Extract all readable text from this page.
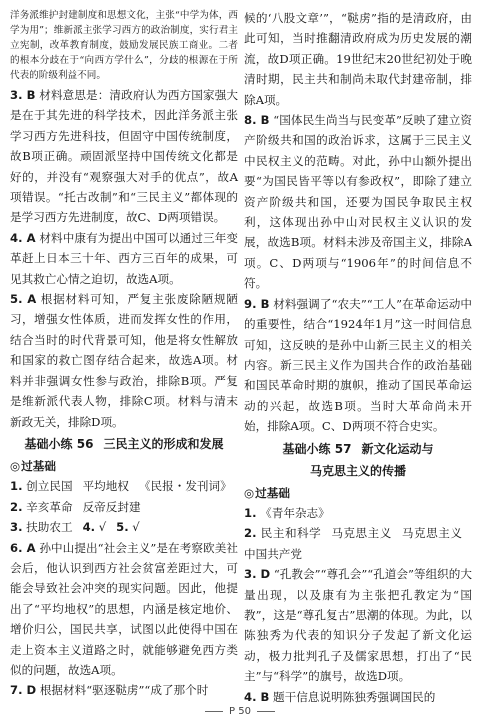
洋务派维护封建制度和思想文化，主张“中学为体，西学为用”；维新派主张学习西方的政治制度，实行君主立宪制，改革教育制度，鼓励发展民族工商业。二者的根本分歧在于“向西方学什么”，分歧的根源在于所代表的阶级利益不同。

3. B 材料意思是：清政府认为西方国家强大是在于其先进的科学技术，因此洋务派主张学习西方先进科技，但固守中国传统制度，故B项正确。顽固派坚持中国传统文化都是好的，并没有“观察强大对手的优点”，故A项错误。“托古改制”和“三民主义”都体现的是学习西方先进制度，故C、D两项错误。

4. A 材料中康有为提出中国可以通过三年变革赶上日本三十年、西方三百年的成果，可见其救亡心情之迫切，故选A项。

5. A 根据材料可知，严复主张废除陋规陋习，增强女性体质，进而发挥女性的作用，结合当时的时代背景可知，他是将女性解放和国家的救亡图存结合起来，故选A项。材料并非强调女性参与政治，排除B项。严复是维新派代表人物，排除C项。材料与清末新政无关，排除D项。

基础小练 56 三民主义的形成和发展

◎过基础

1. 创立民国 平均地权 《民报・发刊词》

2. 辛亥革命 反帝反封建

3. 扶助农工 4. √ 5. √

6. A 孙中山提出“社会主义”是在考察欧美社会后，他认识到西方社会贫富差距过大，可能会导致社会冲突的现实问题。因此，他提出了“平均地权”的思想，内涵是核定地价、增价归公，国民共享，试图以此使得中国在走上资本主义道路之时，就能够避免西方类似的问题，故选A项。

7. D 根据材料“驱逐鞑虏”“成了那个时

候的‘八股文章’”，“鞑虏”指的是清政府，由此可知，当时推翻清政府成为历史发展的潮流，故D项正确。19世纪末20世纪初处于晚清时期，民主共和制尚未取代封建帝制，排除A项。

8. B “国体民生尚当与民变革”反映了建立资产阶级共和国的政治诉求，这属于三民主义中民权主义的范畴。对此，孙中山额外提出要“为国民皆平等以有参政权”，即除了建立资产阶级共和国，还要为国民争取民主权利，这体现出孙中山对民权主义认识的发展，故选B项。材料未涉及帝国主义，排除A项。C、D两项与“1906年”的时间信息不符。

9. B 材料强调了“农夫”“工人”在革命运动中的重要性，结合“1924年1月”这一时间信息可知，这反映的是孙中山新三民主义的相关内容。新三民主义作为国共合作的政治基础和国民革命时期的旗帜，推动了国民革命运动的兴起，故选B项。当时大革命尚未开始，排除A项。C、D两项不符合史实。

基础小练 57 新文化运动与
马克思主义的传播

◎过基础

1. 《青年杂志》

2. 民主和科学 马克思主义 马克思主义中国共产党

3. D “孔教会”“尊孔会”“孔道会”等组织的大量出现，以及康有为主张把孔教定为“国教”，这是“尊孔复古”思潮的体现。为此，以陈独秀为代表的知识分子发起了新文化运动，极力批判孔子及儒家思想，打出了“民主”与“科学”的旗号，故选D项。

4. B 题干信息说明陈独秀强调国民的

P 50
